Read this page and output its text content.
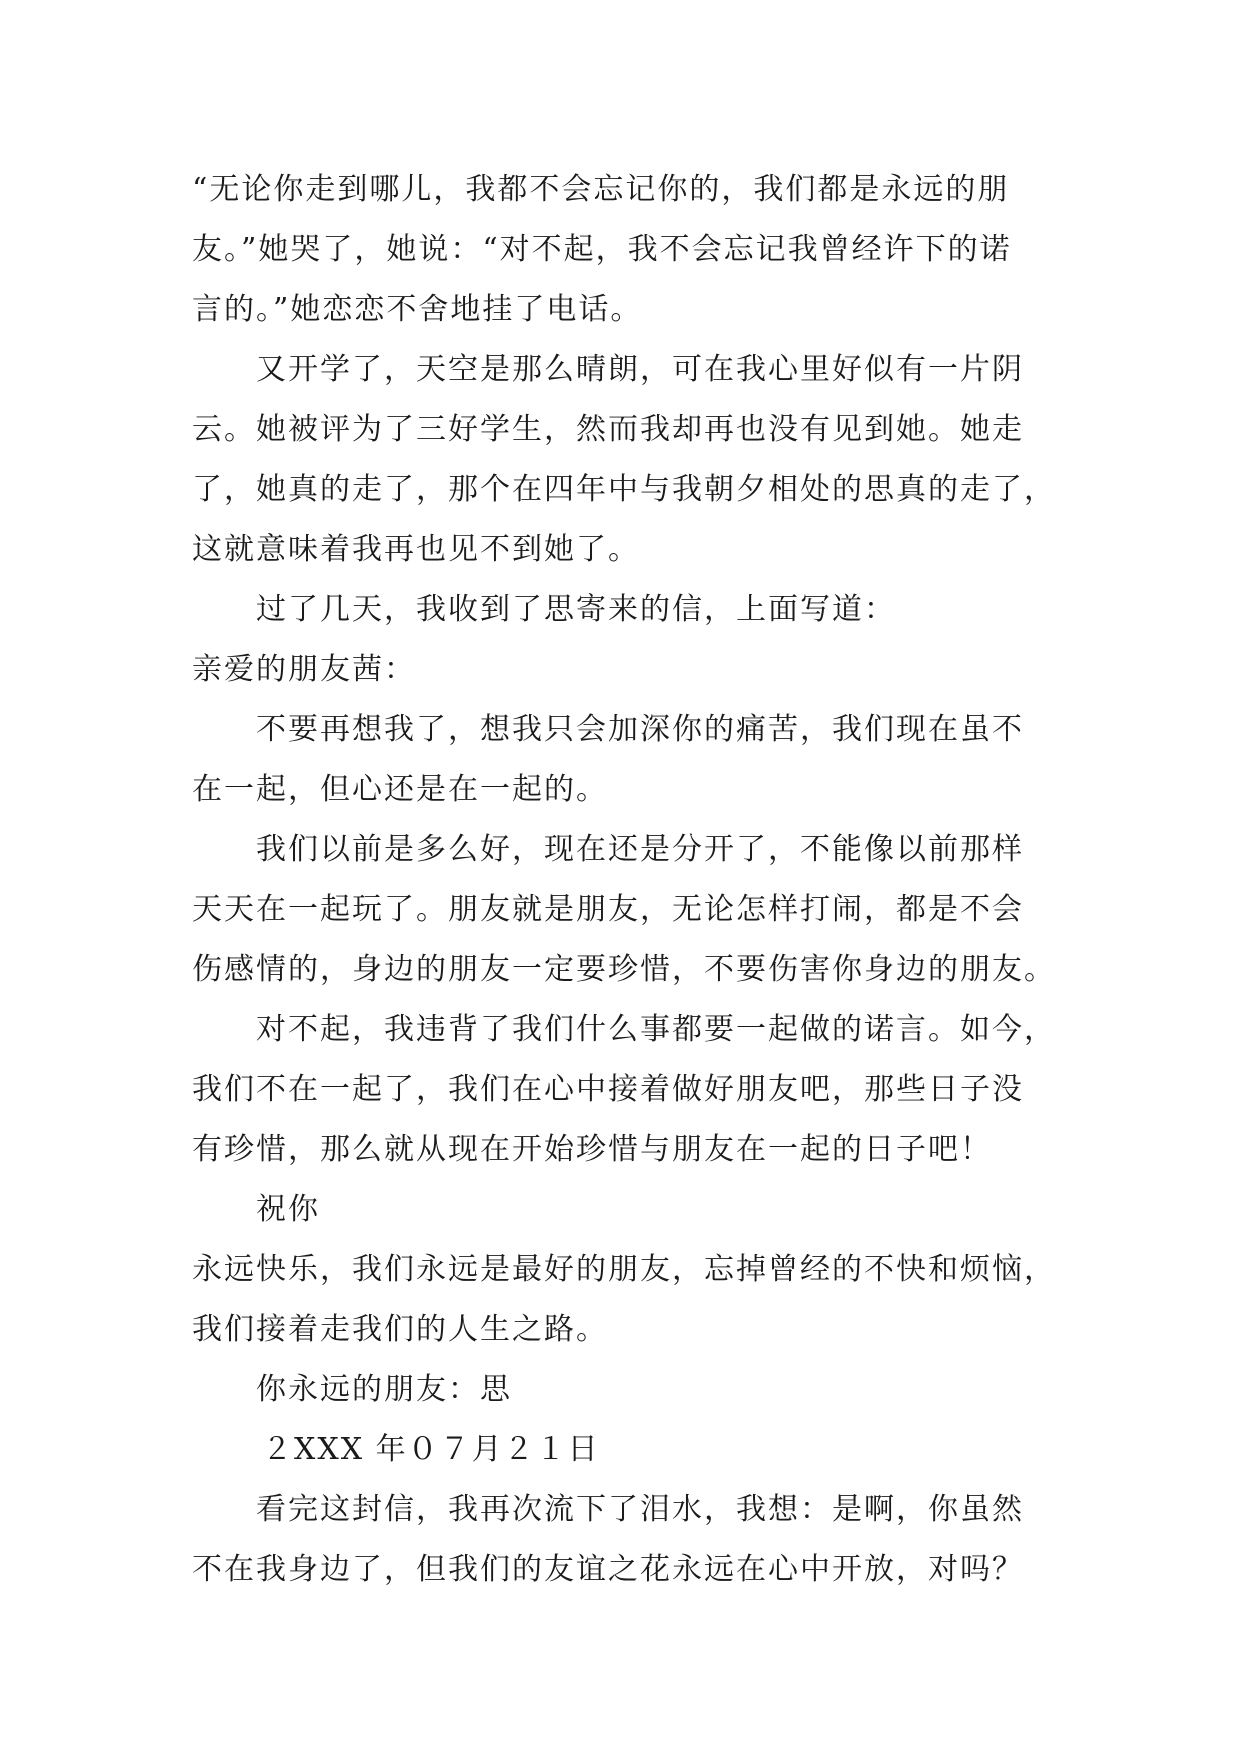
“无论你走到哪儿，我都不会忘记你的，我们都是永远的朋
友。”她哭了，她说：“对不起，我不会忘记我曾经许下的诺
言的。”她恋恋不舍地挂了电话。
又开学了，天空是那么晴朗，可在我心里好似有一片阴
云。她被评为了三好学生，然而我却再也没有见到她。她走
了，她真的走了，那个在四年中与我朝夕相处的思真的走了，
这就意味着我再也见不到她了。
过了几天，我收到了思寄来的信，上面写道：
亲爱的朋友茜：
不要再想我了，想我只会加深你的痛苦，我们现在虽不
在一起，但心还是在一起的。
我们以前是多么好，现在还是分开了，不能像以前那样
天天在一起玩了。朋友就是朋友，无论怎样打闹，都是不会
伤感情的，身边的朋友一定要珍惜，不要伤害你身边的朋友。
对不起，我违背了我们什么事都要一起做的诺言。如今，
我们不在一起了，我们在心中接着做好朋友吧，那些日子没
有珍惜，那么就从现在开始珍惜与朋友在一起的日子吧！
祝你
永远快乐，我们永远是最好的朋友，忘掉曾经的不快和烦恼，
我们接着走我们的人生之路。
你永远的朋友：思
２XXX 年０７月２１日
看完这封信，我再次流下了泪水，我想：是啊，你虽然
不在我身边了，但我们的友谊之花永远在心中开放，对吗？
